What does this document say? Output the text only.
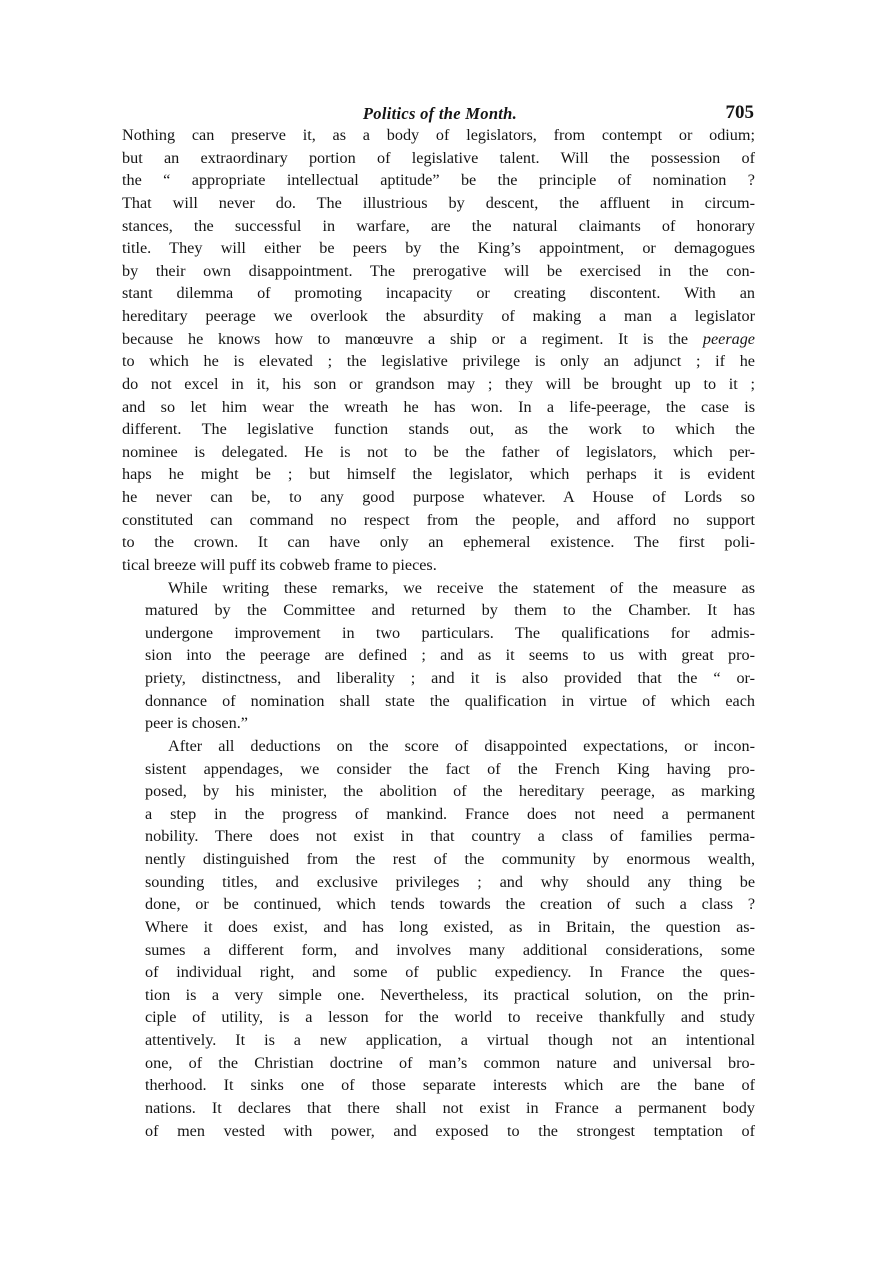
Politics of the Month.	705
Nothing can preserve it, as a body of legislators, from contempt or odium;
but an extraordinary portion of legislative talent. Will the possession of
the “ appropriate intellectual aptitude” be the principle of nomination ?
That will never do. The illustrious by descent, the affluent in circum-
stances, the successful in warfare, are the natural claimants of honorary
title. They will either be peers by the King’s appointment, or demagogues
by their own disappointment. The prerogative will be exercised in the con-
stant dilemma of promoting incapacity or creating discontent. With an
hereditary peerage we overlook the absurdity of making a man a legislator
because he knows how to manœuvre a ship or a regiment. It is the peerage
to which he is elevated ; the legislative privilege is only an adjunct ; if he
do not excel in it, his son or grandson may ; they will be brought up to it ;
and so let him wear the wreath he has won. In a life-peerage, the case is
different. The legislative function stands out, as the work to which the
nominee is delegated. He is not to be the father of legislators, which per-
haps he might be ; but himself the legislator, which perhaps it is evident
he never can be, to any good purpose whatever. A House of Lords so
constituted can command no respect from the people, and afford no support
to the crown. It can have only an ephemeral existence. The first poli-
tical breeze will puff its cobweb frame to pieces.
While writing these remarks, we receive the statement of the measure as
matured by the Committee and returned by them to the Chamber. It has
undergone improvement in two particulars. The qualifications for admis-
sion into the peerage are defined ; and as it seems to us with great pro-
priety, distinctness, and liberality ; and it is also provided that the “ or-
donnance of nomination shall state the qualification in virtue of which each
peer is chosen.”
After all deductions on the score of disappointed expectations, or incon-
sistent appendages, we consider the fact of the French King having pro-
posed, by his minister, the abolition of the hereditary peerage, as marking
a step in the progress of mankind. France does not need a permanent
nobility. There does not exist in that country a class of families perma-
nently distinguished from the rest of the community by enormous wealth,
sounding titles, and exclusive privileges ; and why should any thing be
done, or be continued, which tends towards the creation of such a class ?
Where it does exist, and has long existed, as in Britain, the question as-
sumes a different form, and involves many additional considerations, some
of individual right, and some of public expediency. In France the ques-
tion is a very simple one. Nevertheless, its practical solution, on the prin-
ciple of utility, is a lesson for the world to receive thankfully and study
attentively. It is a new application, a virtual though not an intentional
one, of the Christian doctrine of man’s common nature and universal bro-
therhood. It sinks one of those separate interests which are the bane of
nations. It declares that there shall not exist in France a permanent body
of men vested with power, and exposed to the strongest temptation of
